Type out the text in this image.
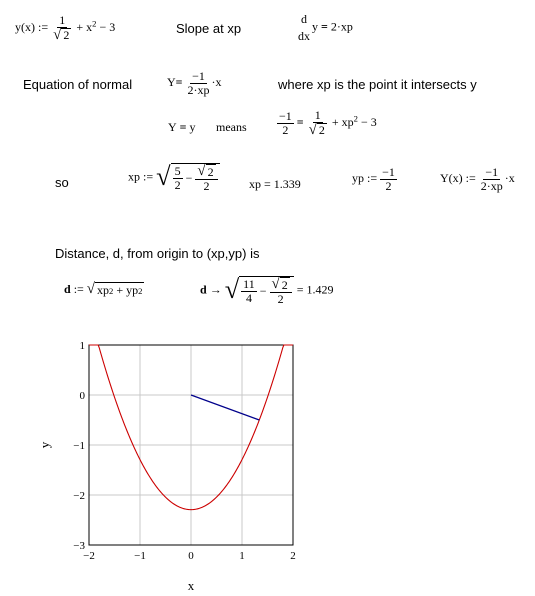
y(x) := $\frac{1}{√ 2} + x^2 - 3$	Slope at xp
d
dx
y = 2·xp
Equation of normal	$Y= \frac{-1}{2\cdot xp} \cdot x$	where xp is the point it intersects y
Y = y means	$\frac{-1}{2} = \frac{1}{√ 2} + xp^2 - 3$
so	xp := √ $\frac{5}{2}$
−
$\frac{√ 2}{2}$	xp = 1.339	yp := $\frac{-1}{2}$	Y(x) := $\frac{-1}{2\cdot xp} \cdot x$
Distance, d, from origin to (xp,yp) is
d := √ xp 2
+
yp 2	d → √ $\frac{11}{4}$
−
$\frac{√ 2}{2} = 1.429$
−2	−1	0	1	2
1
0
−1
−2
−3
x
y
